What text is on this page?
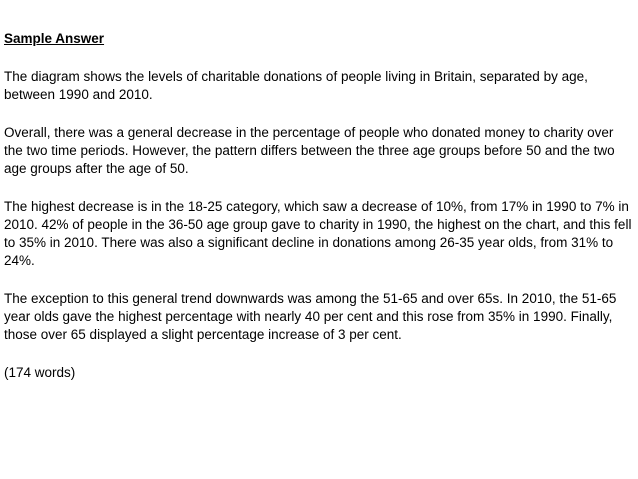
Sample Answer

The diagram shows the levels of charitable donations of people living in Britain, separated by age, between 1990 and 2010.

Overall, there was a general decrease in the percentage of people who donated money to charity over the two time periods. However, the pattern differs between the three age groups before 50 and the two age groups after the age of 50.

The highest decrease is in the 18-25 category, which saw a decrease of 10%, from 17% in 1990 to 7% in 2010. 42% of people in the 36-50 age group gave to charity in 1990, the highest on the chart, and this fell to 35% in 2010. There was also a significant decline in donations among 26-35 year olds, from 31% to 24%.

The exception to this general trend downwards was among the 51-65 and over 65s. In 2010, the 51-65 year olds gave the highest percentage with nearly 40 per cent and this rose from 35% in 1990. Finally, those over 65 displayed a slight percentage increase of 3 per cent.

(174 words)
